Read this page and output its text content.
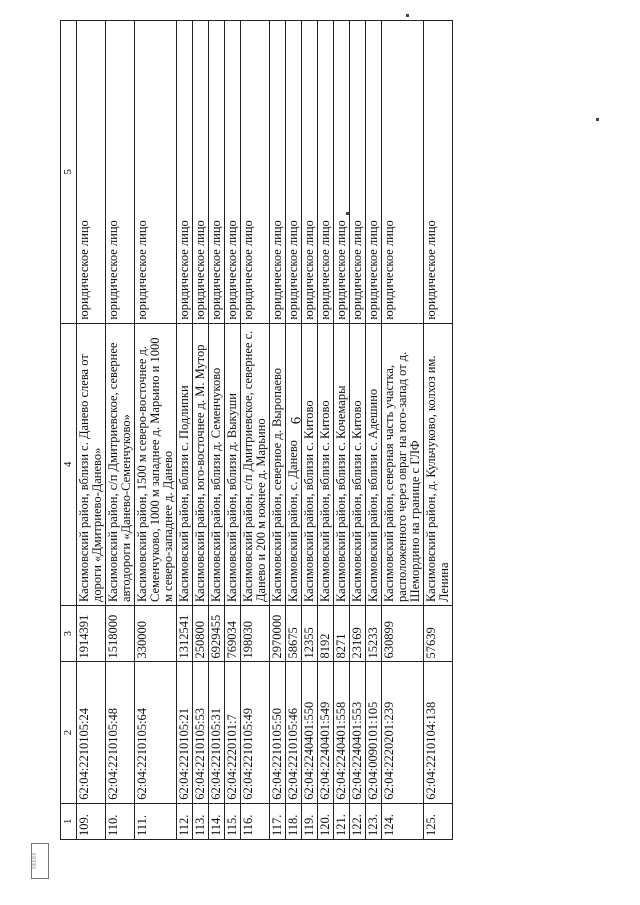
6
1	2	3	4	5
109.	62:04:2210105:24	1914391	Касимовский район, вблизи с. Данево слева от дороги «Дмитриево-Данево»	юридическое лицо
110.	62:04:2210105:48	1518000	Касимовский район, с/п Дмитриевское, севернее автодороги «Данево-Семенчуково»	юридическое лицо
111.	62:04:2210105:64	330000	Касимовский район, 1500 м северо-восточнее д. Семенчуково, 1000 м западнее д. Марьино и 1000 м северо-западнее д. Данево	юридическое лицо
112.	62:04:2210105:21	1312541	Касимовский район, вблизи с. Подлипки	юридическое лицо
113.	62:04:2210105:53	250800	Касимовский район, юго-восточнее д. М. Мутор	юридическое лицо
114.	62:04:2210105:31	6929455	Касимовский район, вблизи д. Семенчуково	юридическое лицо
115.	62:04:2220101:7	769034	Касимовский район, вблизи д. Выкуши	юридическое лицо
116.	62:04:2210105:49	198030	Касимовский район, с/п Дмитриевское, севернее с. Данево и 200 м южнее д. Марьино	юридическое лицо
117.	62:04:2210105:50	2970000	Касимовский район, северное д. Выропаево	юридическое лицо
118.	62:04:2210105:46	58675	Касимовский район, с. Данево	юридическое лицо
119.	62:04:2240401:550	12355	Касимовский район, вблизи с. Китово	юридическое лицо
120.	62:04:2240401:549	8192	Касимовский район, вблизи с. Китово	юридическое лицо
121.	62:04:2240401:558	8271	Касимовский район, вблизи с. Кочемары	юридическое лицо
122.	62:04:2240401:553	23169	Касимовский район, вблизи с. Китово	юридическое лицо
123.	62:04:0090101:105	15233	Касимовский район, вблизи с. Адешино	юридическое лицо
124.	62:04:2220201:239	630899	Касимовский район, северная часть участка, расположенного через овраг на юго-запад от д. Шемордино на границе с ГЛФ	юридическое лицо
125.	62:04:2210104:138	57639	Касимовский район, д. Кульчуково, колхоз им. Ленина	юридическое лицо
▯▯▯▯▯▯
